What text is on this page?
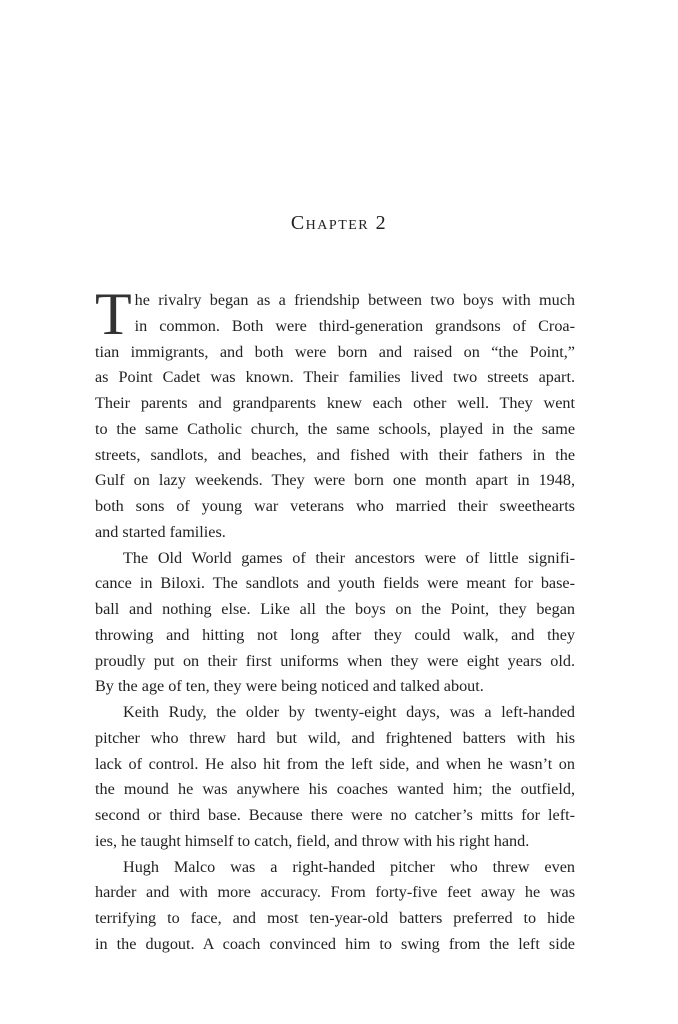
Chapter 2
T he rivalry began as a friendship between two boys with much
in common. Both were third-generation grandsons of Croa-
tian immigrants, and both were born and raised on “the Point,”
as Point Cadet was known. Their families lived two streets apart.
Their parents and grandparents knew each other well. They went
to the same Catholic church, the same schools, played in the same
streets, sandlots, and beaches, and fished with their fathers in the
Gulf on lazy weekends. They were born one month apart in 1948,
both sons of young war veterans who married their sweethearts
and started families.
The Old World games of their ancestors were of little signifi-
cance in Biloxi. The sandlots and youth fields were meant for base-
ball and nothing else. Like all the boys on the Point, they began
throwing and hitting not long after they could walk, and they
proudly put on their first uniforms when they were eight years old.
By the age of ten, they were being noticed and talked about.
Keith Rudy, the older by twenty-eight days, was a left-handed
pitcher who threw hard but wild, and frightened batters with his
lack of control. He also hit from the left side, and when he wasn’t on
the mound he was anywhere his coaches wanted him; the outfield,
second or third base. Because there were no catcher’s mitts for left-
ies, he taught himself to catch, field, and throw with his right hand.
Hugh Malco was a right-handed pitcher who threw even
harder and with more accuracy. From forty-five feet away he was
terrifying to face, and most ten-year-old batters preferred to hide
in the dugout. A coach convinced him to swing from the left side
